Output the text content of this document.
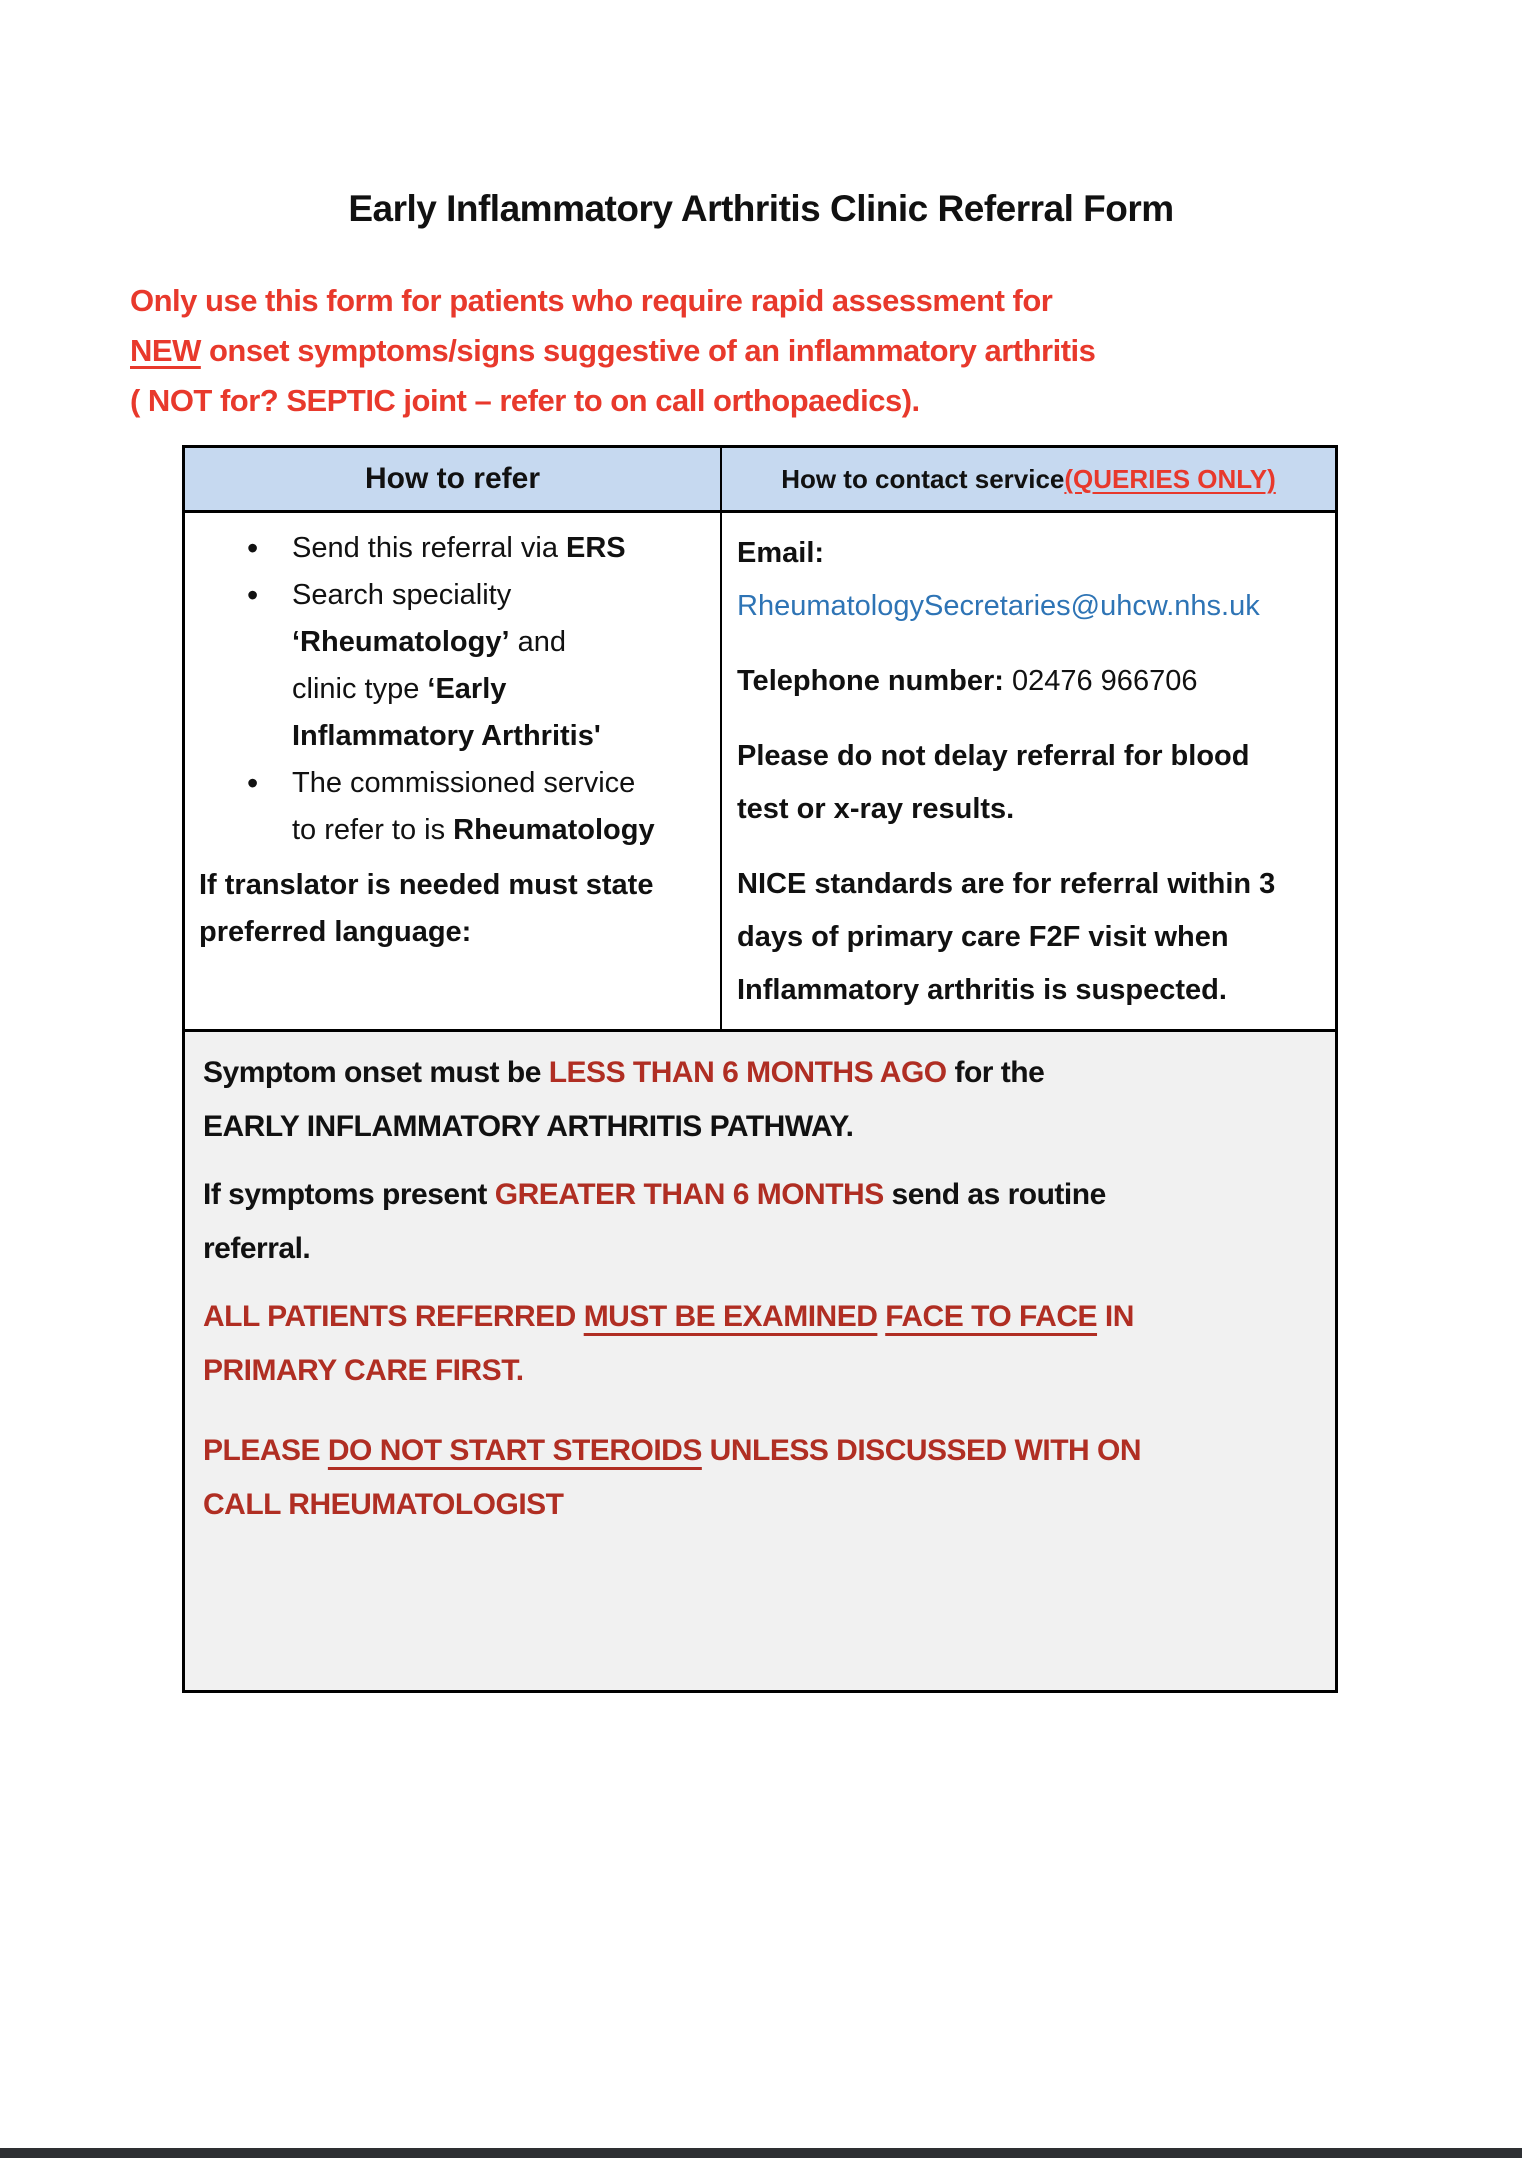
Early Inflammatory Arthritis Clinic Referral Form
Only use this form for patients who require rapid assessment for
NEW onset symptoms/signs suggestive of an inflammatory arthritis
( NOT for? SEPTIC joint – refer to on call orthopaedics).
How to refer	How to contact service (QUERIES ONLY)
• Send this referral via ERS
• Search speciality
‘Rheumatology’ and
clinic type ‘Early
Inflammatory Arthritis'
• The commissioned service
to refer to is Rheumatology
If translator is needed must state
preferred language:
Email:
RheumatologySecretaries@uhcw.nhs.uk
Telephone number: 02476 966706
Please do not delay referral for blood
test or x-ray results.
NICE standards are for referral within 3
days of primary care F2F visit when
Inflammatory arthritis is suspected.
Symptom onset must be LESS THAN 6 MONTHS AGO for the
EARLY INFLAMMATORY ARTHRITIS PATHWAY.
If symptoms present GREATER THAN 6 MONTHS send as routine
referral.
ALL PATIENTS REFERRED MUST BE EXAMINED FACE TO FACE IN
PRIMARY CARE FIRST.
PLEASE DO NOT START STEROIDS UNLESS DISCUSSED WITH ON
CALL RHEUMATOLOGIST
